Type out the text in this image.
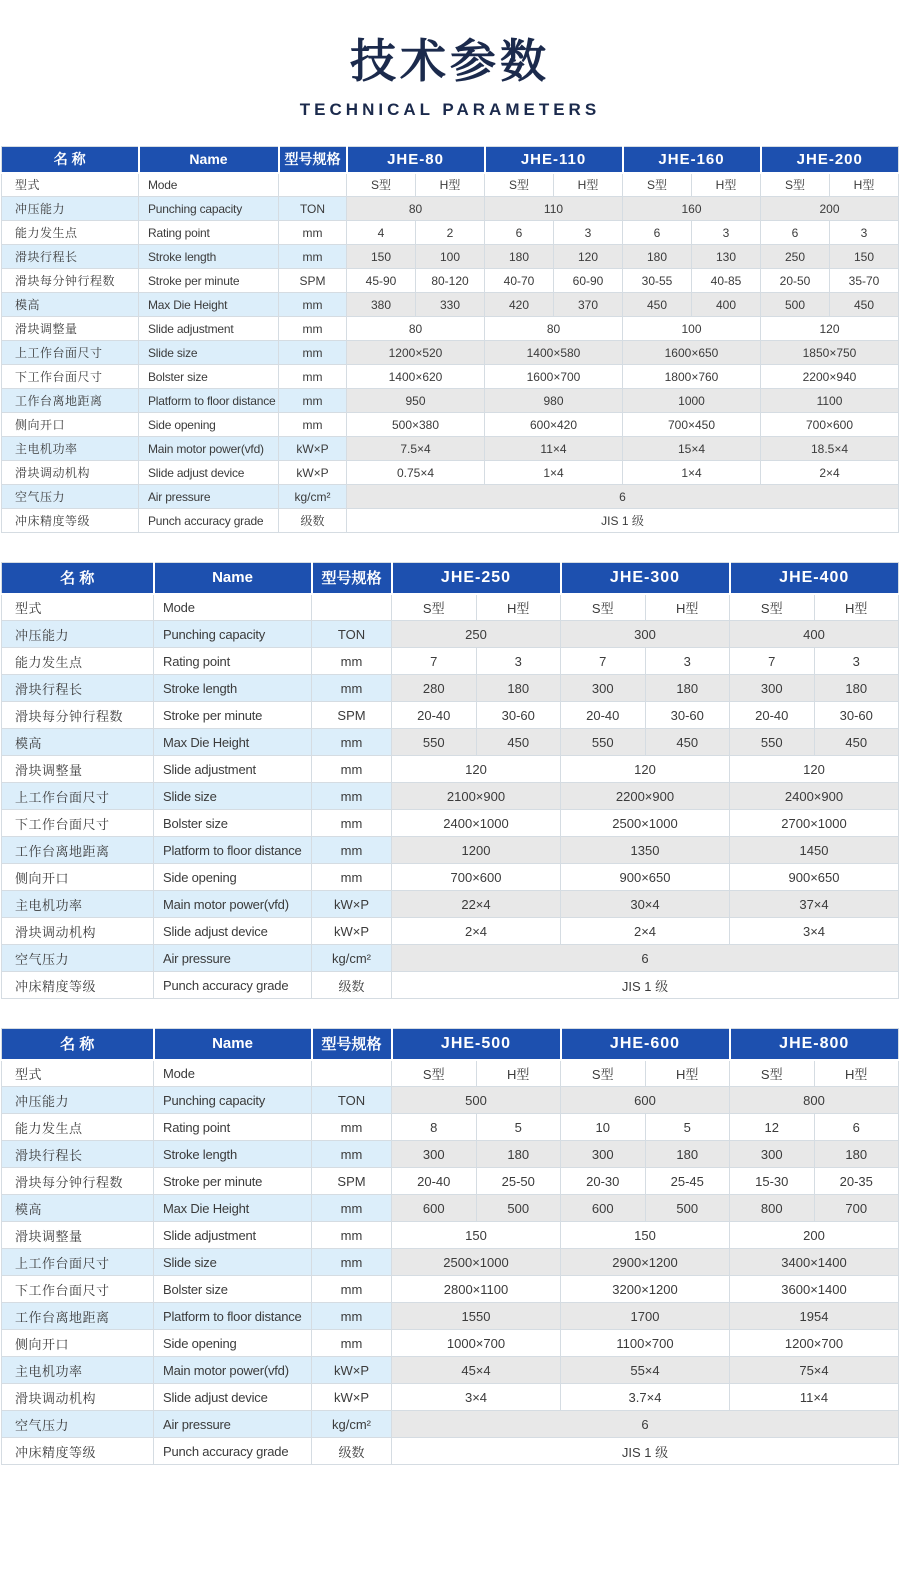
技术参数
TECHNICAL PARAMETERS
名 称	Name	型号规格	JHE-80		JHE-110		JHE-160		JHE-200	
型式	Mode		S型	H型	S型	H型	S型	H型	S型	H型
冲压能力	Punching capacity	TON	80		110		160		200	
能力发生点	Rating point	mm	4	2	6	3	6	3	6	3
滑块行程长	Stroke length	mm	150	100	180	120	180	130	250	150
滑块每分钟行程数	Stroke per minute	SPM	45-90	80-120	40-70	60-90	30-55	40-85	20-50	35-70
模高	Max Die Height	mm	380	330	420	370	450	400	500	450
滑块调整量	Slide adjustment	mm	80		80		100		120	
上工作台面尺寸	Slide size	mm	1200×520		1400×580		1600×650		1850×750	
下工作台面尺寸	Bolster size	mm	1400×620		1600×700		1800×760		2200×940	
工作台离地距离	Platform to floor distance	mm	950		980		1000		1100	
侧向开口	Side opening	mm	500×380		600×420		700×450		700×600	
主电机功率	Main motor power(vfd)	kW×P	7.5×4		11×4		15×4		18.5×4	
滑块调动机构	Slide adjust device	kW×P	0.75×4		1×4		1×4		2×4	
空气压力	Air pressure	kg/cm²	6							
冲床精度等级	Punch accuracy grade	级数	JIS 1 级							
名 称	Name	型号规格	JHE-250		JHE-300		JHE-400	
型式	Mode		S型	H型	S型	H型	S型	H型
冲压能力	Punching capacity	TON	250		300		400	
能力发生点	Rating point	mm	7	3	7	3	7	3
滑块行程长	Stroke length	mm	280	180	300	180	300	180
滑块每分钟行程数	Stroke per minute	SPM	20-40	30-60	20-40	30-60	20-40	30-60
模高	Max Die Height	mm	550	450	550	450	550	450
滑块调整量	Slide adjustment	mm	120		120		120	
上工作台面尺寸	Slide size	mm	2100×900		2200×900		2400×900	
下工作台面尺寸	Bolster size	mm	2400×1000		2500×1000		2700×1000	
工作台离地距离	Platform to floor distance	mm	1200		1350		1450	
侧向开口	Side opening	mm	700×600		900×650		900×650	
主电机功率	Main motor power(vfd)	kW×P	22×4		30×4		37×4	
滑块调动机构	Slide adjust device	kW×P	2×4		2×4		3×4	
空气压力	Air pressure	kg/cm²	6					
冲床精度等级	Punch accuracy grade	级数	JIS 1 级					
名 称	Name	型号规格	JHE-500		JHE-600		JHE-800	
型式	Mode		S型	H型	S型	H型	S型	H型
冲压能力	Punching capacity	TON	500		600		800	
能力发生点	Rating point	mm	8	5	10	5	12	6
滑块行程长	Stroke length	mm	300	180	300	180	300	180
滑块每分钟行程数	Stroke per minute	SPM	20-40	25-50	20-30	25-45	15-30	20-35
模高	Max Die Height	mm	600	500	600	500	800	700
滑块调整量	Slide adjustment	mm	150		150		200	
上工作台面尺寸	Slide size	mm	2500×1000		2900×1200		3400×1400	
下工作台面尺寸	Bolster size	mm	2800×1100		3200×1200		3600×1400	
工作台离地距离	Platform to floor distance	mm	1550		1700		1954	
侧向开口	Side opening	mm	1000×700		1100×700		1200×700	
主电机功率	Main motor power(vfd)	kW×P	45×4		55×4		75×4	
滑块调动机构	Slide adjust device	kW×P	3×4		3.7×4		11×4	
空气压力	Air pressure	kg/cm²	6					
冲床精度等级	Punch accuracy grade	级数	JIS 1 级					
